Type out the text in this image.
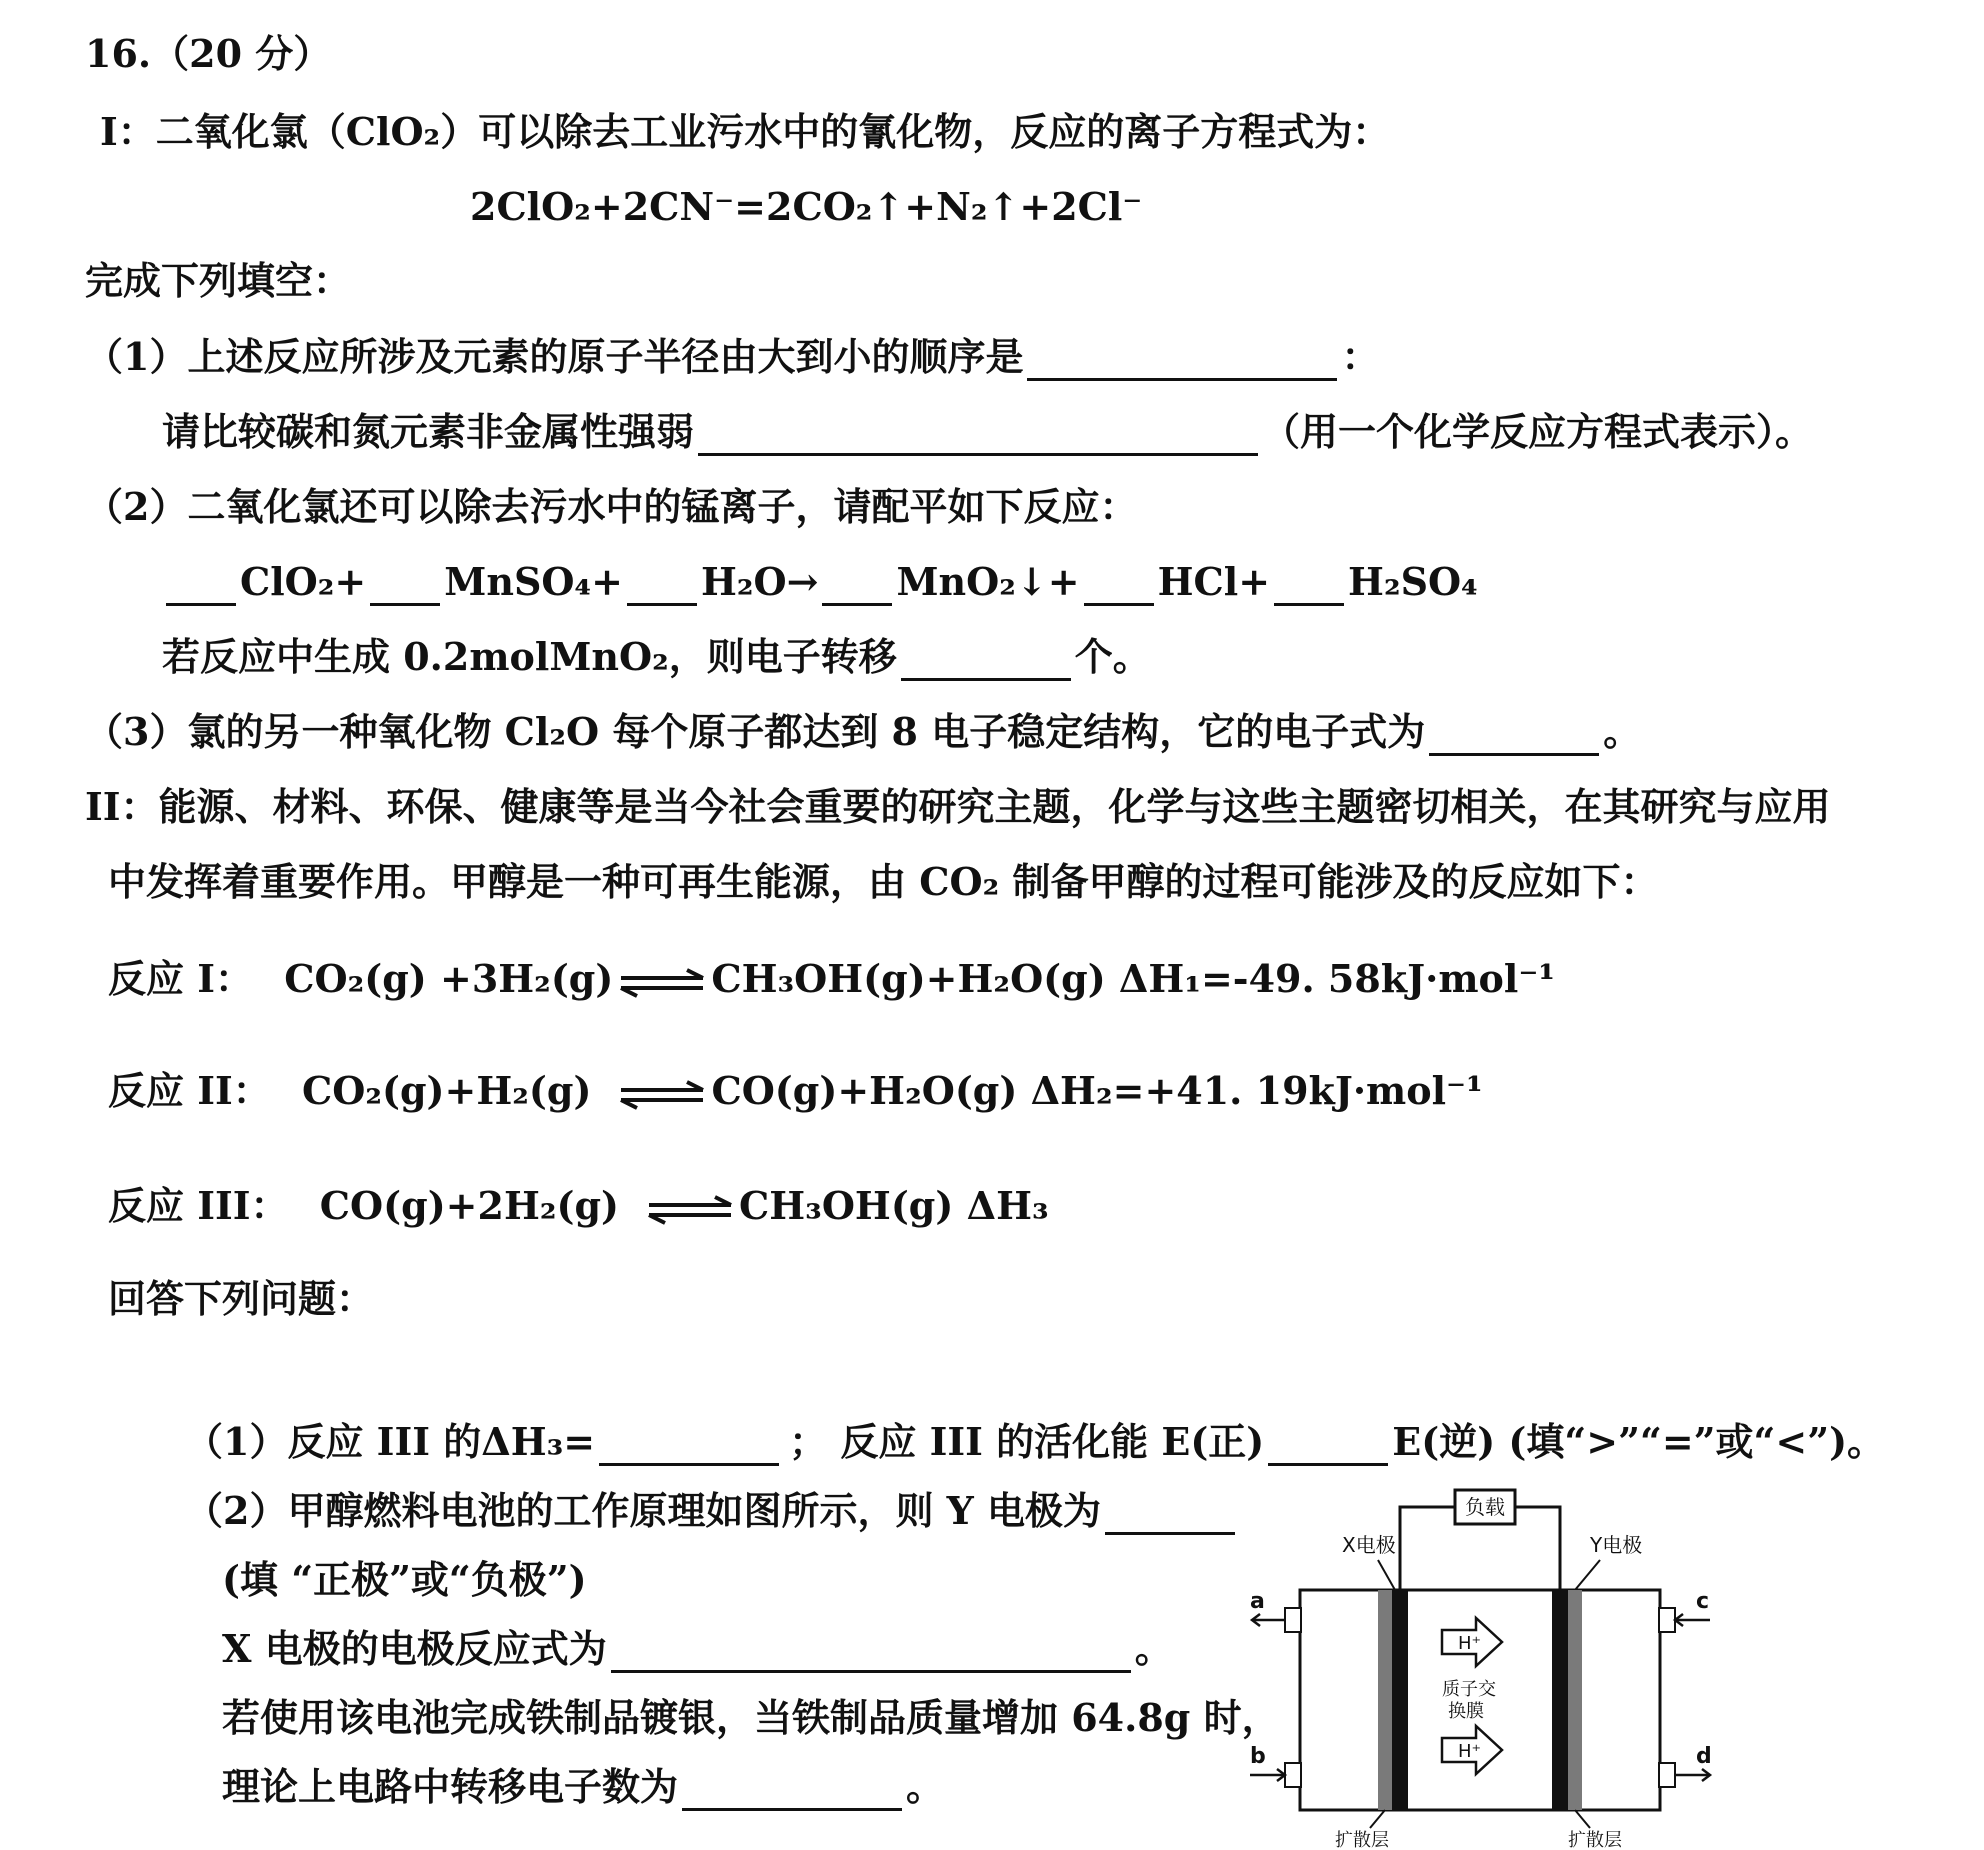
16.（20 分）
I：二氧化氯（ClO₂）可以除去工业污水中的氰化物，反应的离子方程式为：
2ClO₂+2CN⁻=2CO₂↑+N₂↑+2Cl⁻
完成下列填空：
（1）上述反应所涉及元素的原子半径由大到小的顺序是	：
请比较碳和氮元素非金属性强弱	（用一个化学反应方程式表示）。
（2）二氧化氯还可以除去污水中的锰离子，请配平如下反应：
ClO₂+ MnSO₄+ H₂O→ MnO₂↓+ HCl+ H₂SO₄
若反应中生成 0.2molMnO₂，则电子转移	个。
（3）氯的另一种氧化物 Cl₂O 每个原子都达到 8 电子稳定结构，它的电子式为	。
II：能源、材料、环保、健康等是当今社会重要的研究主题，化学与这些主题密切相关，在其研究与应用
中发挥着重要作用。甲醇是一种可再生能源，由 CO₂ 制备甲醇的过程可能涉及的反应如下：
反应 I： CO₂(g) +3H₂(g) ⇌ CH₃OH(g)+H₂O(g) ΔH₁=-49. 58kJ·mol⁻¹
反应 II： CO₂(g)+H₂(g) ⇌ CO(g)+H₂O(g) ΔH₂=+41. 19kJ·mol⁻¹
反应 III： CO(g)+2H₂(g) ⇌ CH₃OH(g) ΔH₃
回答下列问题：
（1）反应 III 的ΔH₃=	； 反应 III 的活化能 E(正)	E(逆) (填“>”“=”或“<”)。
（2）甲醇燃料电池的工作原理如图所示，则 Y 电极为
(填 “正极”或“负极”)
X 电极的电极反应式为	。
若使用该电池完成铁制品镀银，当铁制品质量增加 64.8g 时，
理论上电路中转移电子数为	。
负载
X电极	Y电极
H⁺
H⁺
质子交
换膜
a
b
c
d
扩散层	扩散层
